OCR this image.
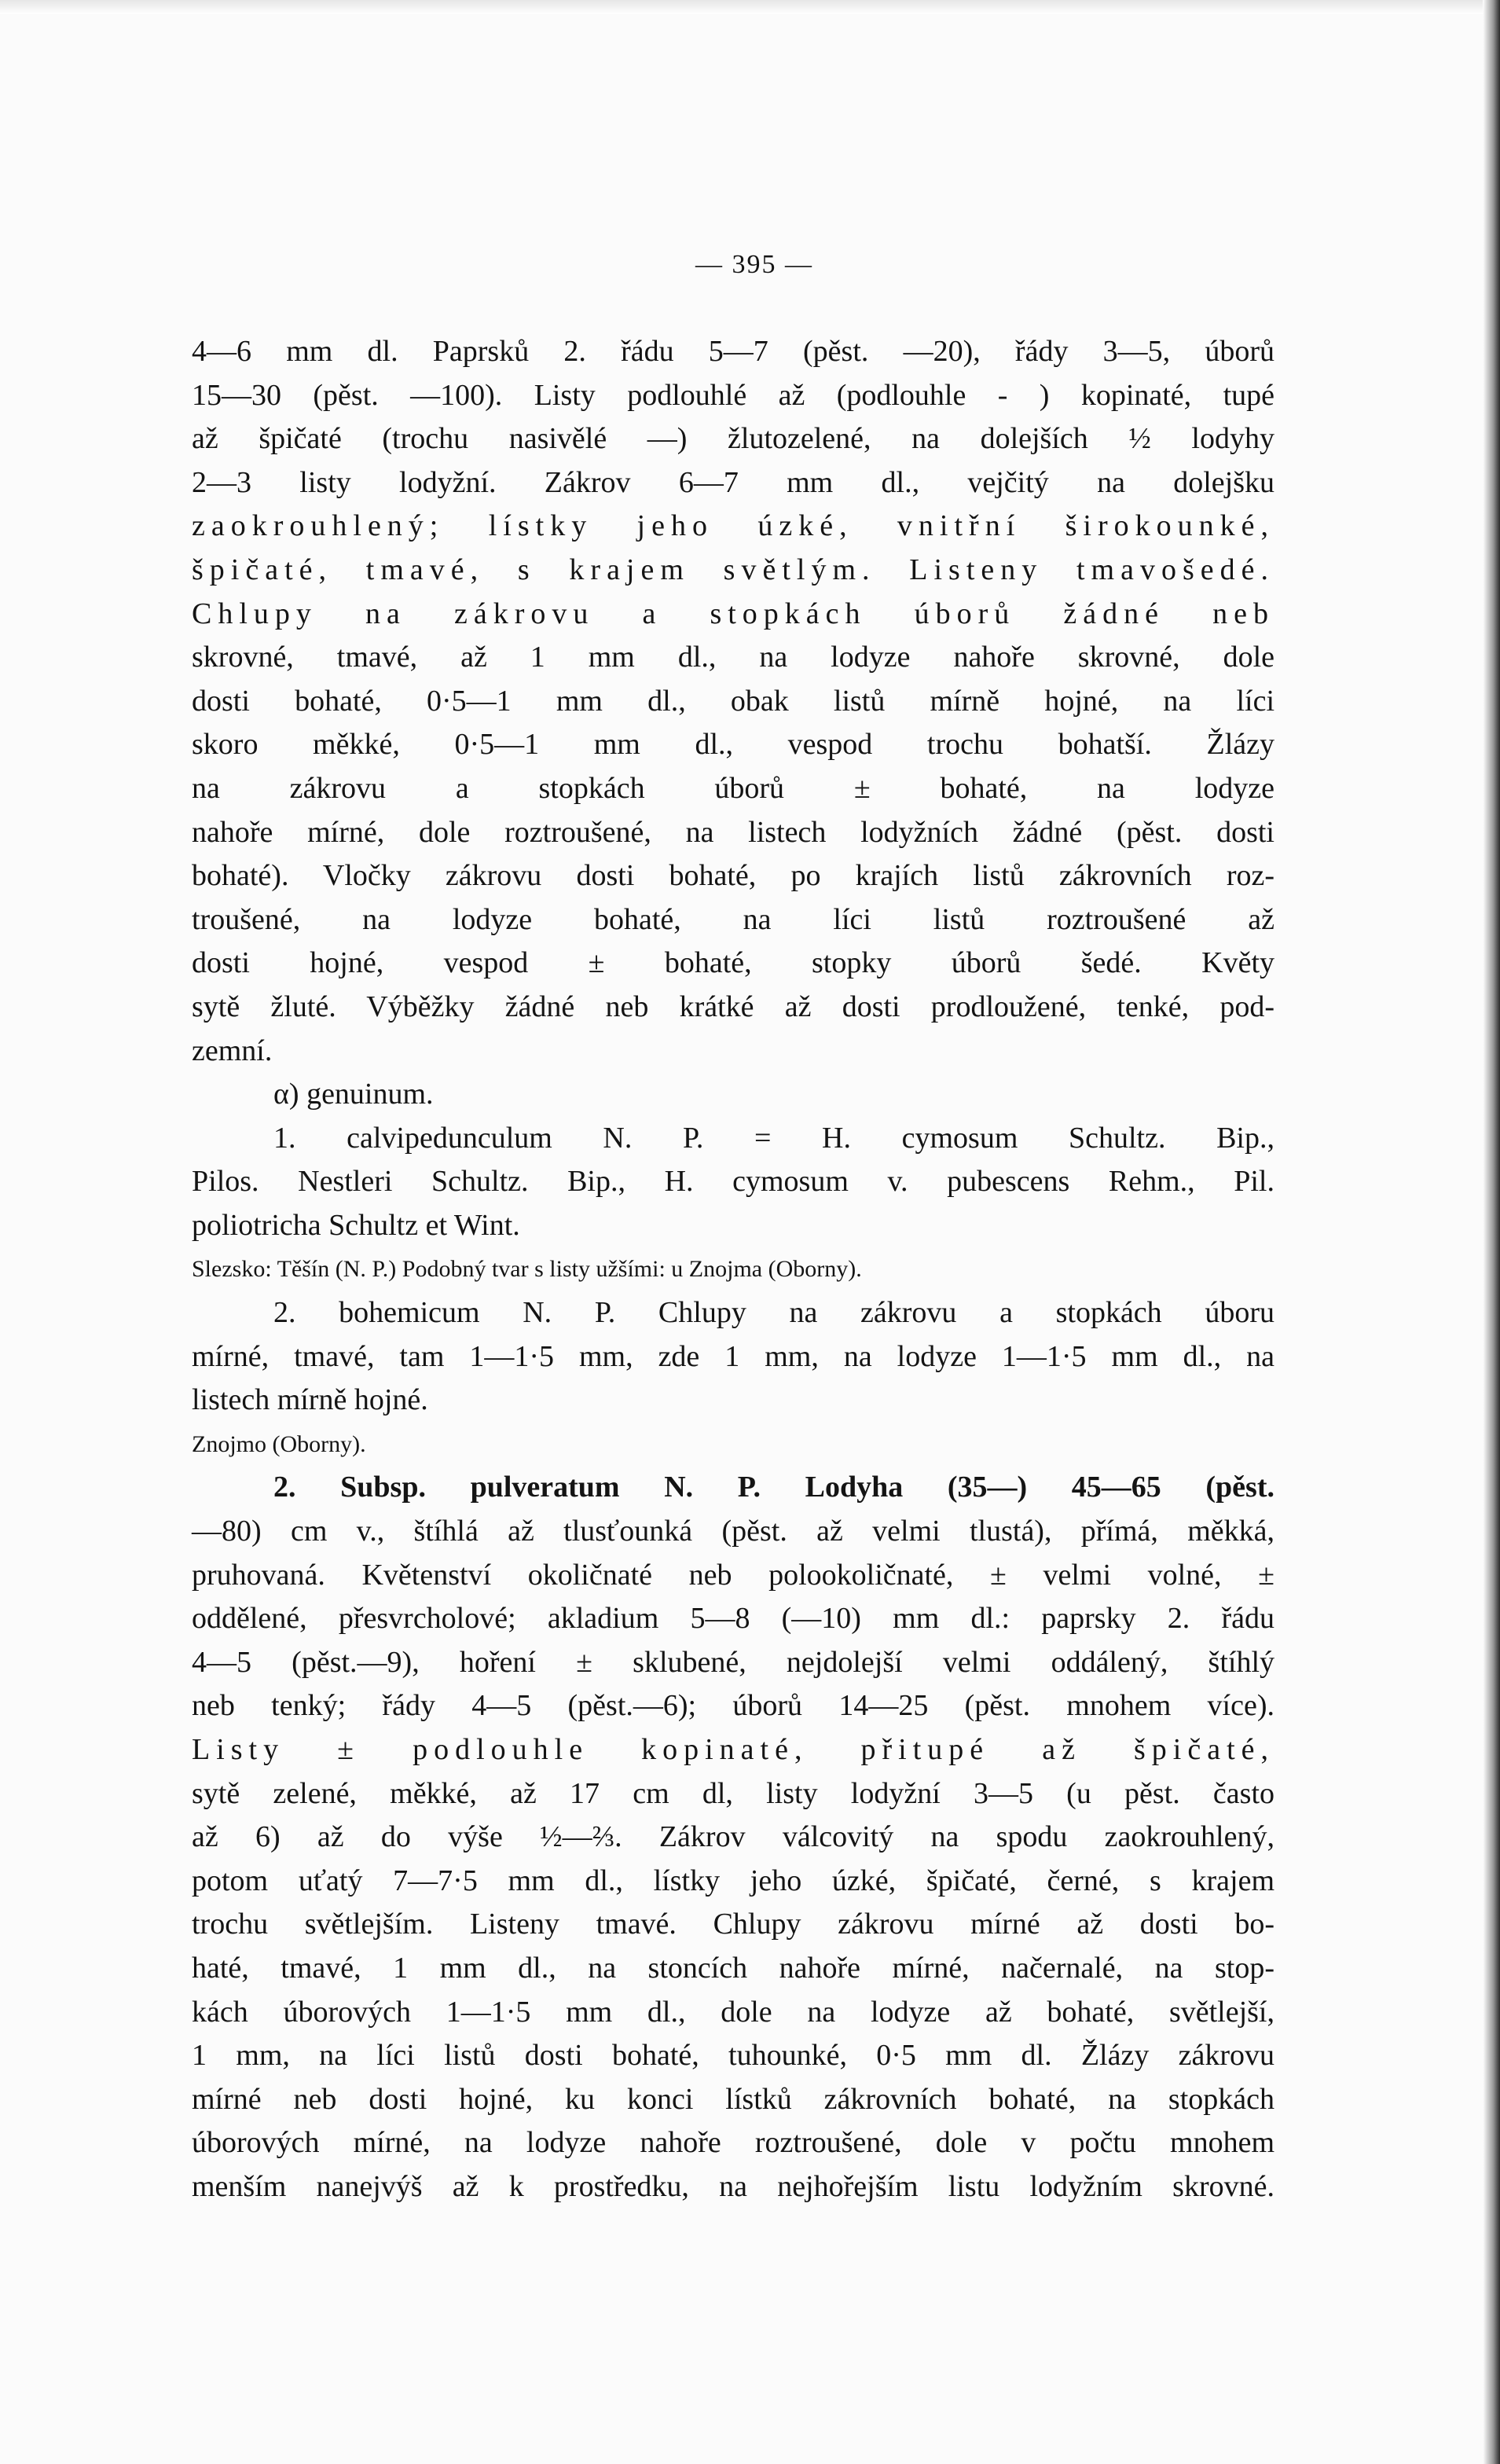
— 395 —
4—6 mm dl. Paprsků 2. řádu 5—7 (pěst. —20), řády 3—5, úborů
15—30 (pěst. —100). Listy podlouhlé až (podlouhle - ) kopinaté, tupé
až špičaté (trochu nasivělé —) žlutozelené, na dolejších ½ lodyhy
2—3 listy lodyžní. Zákrov 6—7 mm dl., vejčitý na dolejšku
zaokrouhlený; lístky jeho úzké, vnitřní širokounké,
špičaté, tmavé, s krajem světlým. Listeny tmavošedé.
Chlupy na zákrovu a stopkách úborů žádné neb
skrovné, tmavé, až 1 mm dl., na lodyze nahoře skrovné, dole
dosti bohaté, 0·5—1 mm dl., obak listů mírně hojné, na líci
skoro měkké, 0·5—1 mm dl., vespod trochu bohatší. Žlázy
na zákrovu a stopkách úborů ± bohaté, na lodyze
nahoře mírné, dole roztroušené, na listech lodyžních žádné (pěst. dosti
bohaté). Vločky zákrovu dosti bohaté, po krajích listů zákrovních roz-
troušené, na lodyze bohaté, na líci listů roztroušené až
dosti hojné, vespod ± bohaté, stopky úborů šedé. Květy
sytě žluté. Výběžky žádné neb krátké až dosti prodloužené, tenké, pod-
zemní.
α) genuinum.
1. calvipedunculum N. P. = H. cymosum Schultz. Bip.,
Pilos. Nestleri Schultz. Bip., H. cymosum v. pubescens Rehm., Pil.
poliotricha Schultz et Wint.
Slezsko: Těšín (N. P.) Podobný tvar s listy užšími: u Znojma (Oborny).
2. bohemicum N. P. Chlupy na zákrovu a stopkách úboru
mírné, tmavé, tam 1—1·5 mm, zde 1 mm, na lodyze 1—1·5 mm dl., na
listech mírně hojné.
Znojmo (Oborny).
2. Subsp. pulveratum N. P. Lodyha (35—) 45—65 (pěst.
—80) cm v., štíhlá až tlusťounká (pěst. až velmi tlustá), přímá, měkká,
pruhovaná. Květenství okoličnaté neb polookoličnaté, ± velmi volné, ±
oddělené, přesvrcholové; akladium 5—8 (—10) mm dl.: paprsky 2. řádu
4—5 (pěst.—9), hoření ± sklubené, nejdolejší velmi oddálený, štíhlý
neb tenký; řády 4—5 (pěst.—6); úborů 14—25 (pěst. mnohem více).
Listy ± podlouhle kopinaté, přitupé až špičaté,
sytě zelené, měkké, až 17 cm dl, listy lodyžní 3—5 (u pěst. často
až 6) až do výše ½—⅔. Zákrov válcovitý na spodu zaokrouhlený,
potom uťatý 7—7·5 mm dl., lístky jeho úzké, špičaté, černé, s krajem
trochu světlejším. Listeny tmavé. Chlupy zákrovu mírné až dosti bo-
haté, tmavé, 1 mm dl., na stoncích nahoře mírné, načernalé, na stop-
kách úborových 1—1·5 mm dl., dole na lodyze až bohaté, světlejší,
1 mm, na líci listů dosti bohaté, tuhounké, 0·5 mm dl. Žlázy zákrovu
mírné neb dosti hojné, ku konci lístků zákrovních bohaté, na stopkách
úborových mírné, na lodyze nahoře roztroušené, dole v počtu mnohem
menším nanejvýš až k prostředku, na nejhořejším listu lodyžním skrovné.
